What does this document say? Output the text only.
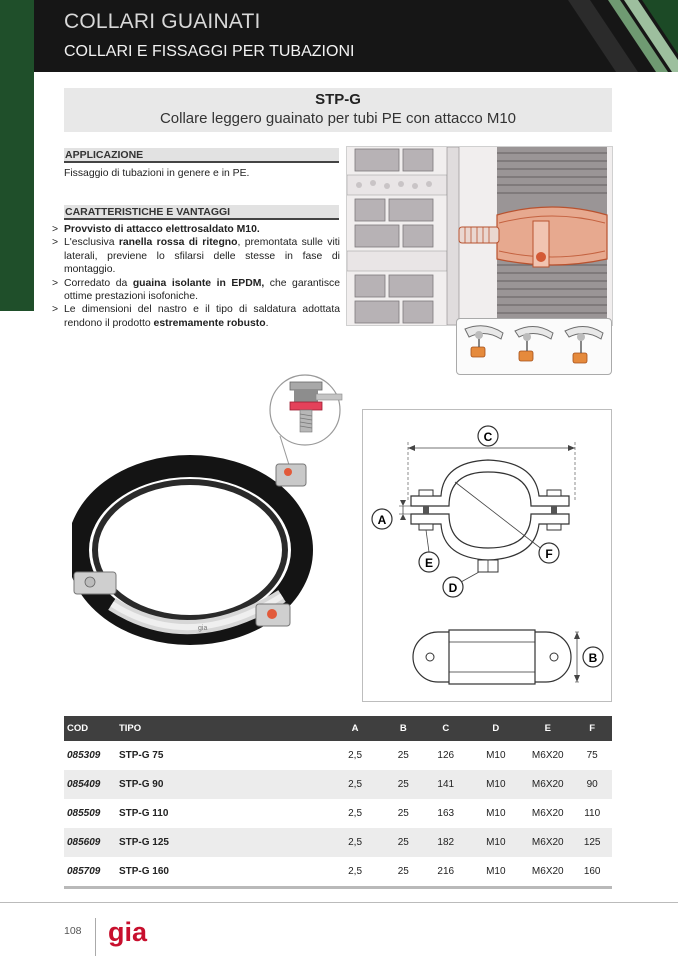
COLLARI GUAINATI
COLLARI E FISSAGGI PER TUBAZIONI
STP-G
Collare leggero guainato per tubi PE con attacco M10
APPLICAZIONE
Fissaggio di tubazioni in genere e in PE.
CARATTERISTICHE E VANTAGGI
> Provvisto di attacco elettrosaldato M10.
> L'esclusiva ranella rossa di ritegno, premontata sulle viti laterali, previene lo sfilarsi delle stesse in fase di montaggio.
> Corredato da guaina isolante in EPDM, che garantisce ottime prestazioni isofoniche.
> Le dimensioni del nastro e il tipo di saldatura adottata rendono il prodotto estremamente robusto.
gia
C
F
A
E
D
B
COD	TIPO	A	B	C	D	E	F
085309	STP-G 75	2,5	25	126	M10	M6X20	75
085409	STP-G 90	2,5	25	141	M10	M6X20	90
085509	STP-G 110	2,5	25	163	M10	M6X20	110
085609	STP-G 125	2,5	25	182	M10	M6X20	125
085709	STP-G 160	2,5	25	216	M10	M6X20	160
108 gia
